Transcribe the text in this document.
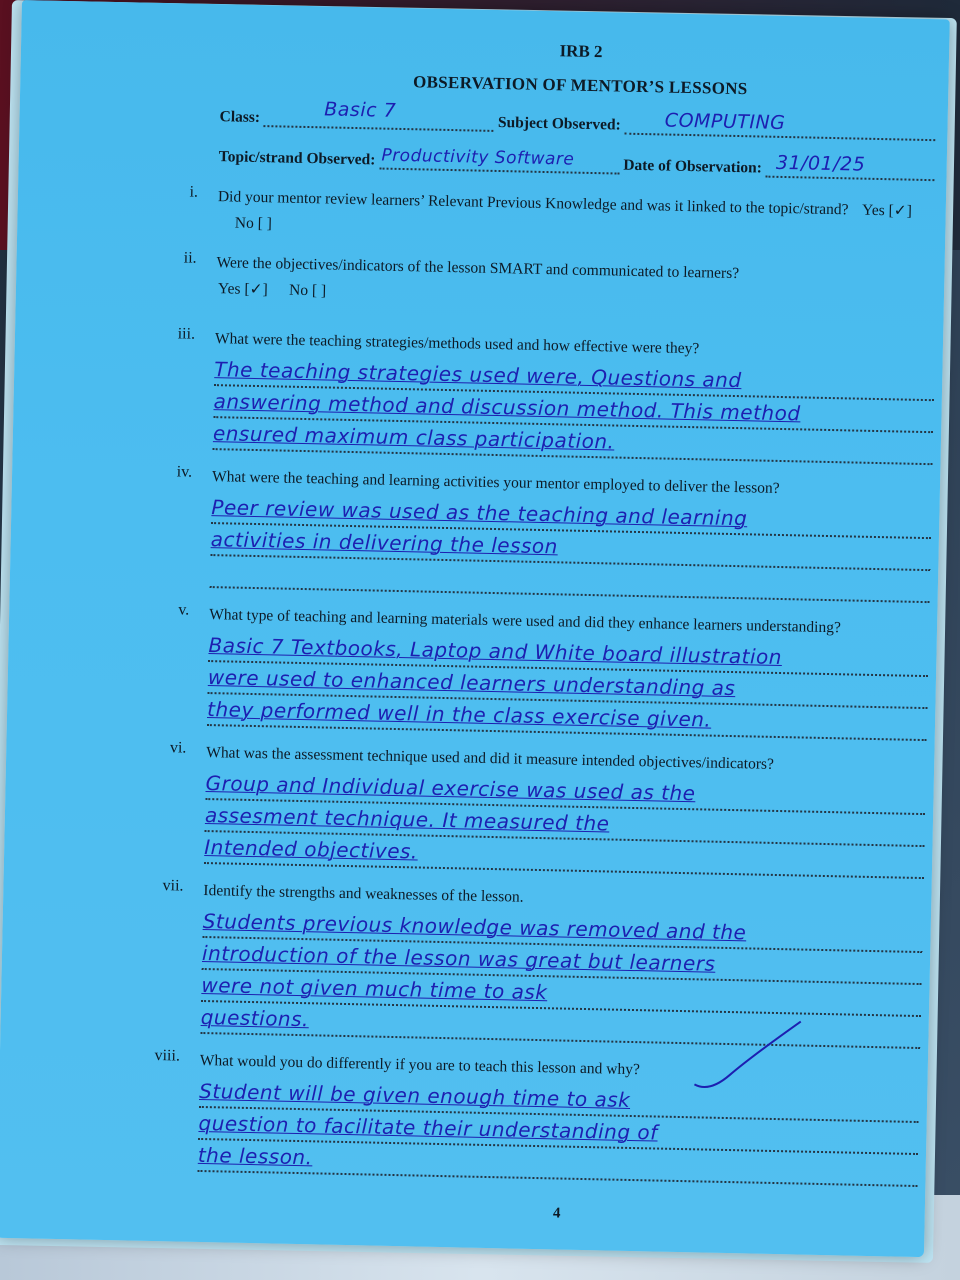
IRB 2
OBSERVATION OF MENTOR’S LESSONS
Class:	Basic 7
Subject Observed: COMPUTING
Topic/strand Observed: Productivity Software	Date of Observation: 31/01/25
i. Did your mentor review learners’ Relevant Previous Knowledge and was it linked to the topic/strand? Yes [✓]     No [ ]
ii. Were the objectives/indicators of the lesson SMART and communicated to learners?
Yes [✓] No [ ]
iii. What were the teaching strategies/methods used and how effective were they?
The teaching strategies used were, Questions and
answering method and discussion method. This method
ensured maximum class participation.
iv. What were the teaching and learning activities your mentor employed to deliver the lesson?
Peer review was used as the teaching and learning
activities in delivering the lesson
v. What type of teaching and learning materials were used and did they enhance learners understanding?
Basic 7 Textbooks, Laptop and White board illustration
were used to enhanced learners understanding as
they performed well in the class exercise given.
vi. What was the assessment technique used and did it measure intended objectives/indicators?
Group and Individual exercise was used as the
assesment technique. It measured the
Intended objectives.
vii. Identify the strengths and weaknesses of the lesson.
Students previous knowledge was removed and the
introduction of the lesson was great but learners
were not given much time to ask
questions.
viii. What would you do differently if you are to teach this lesson and why?
Student will be given enough time to ask
question to facilitate their understanding of
the lesson.
4
